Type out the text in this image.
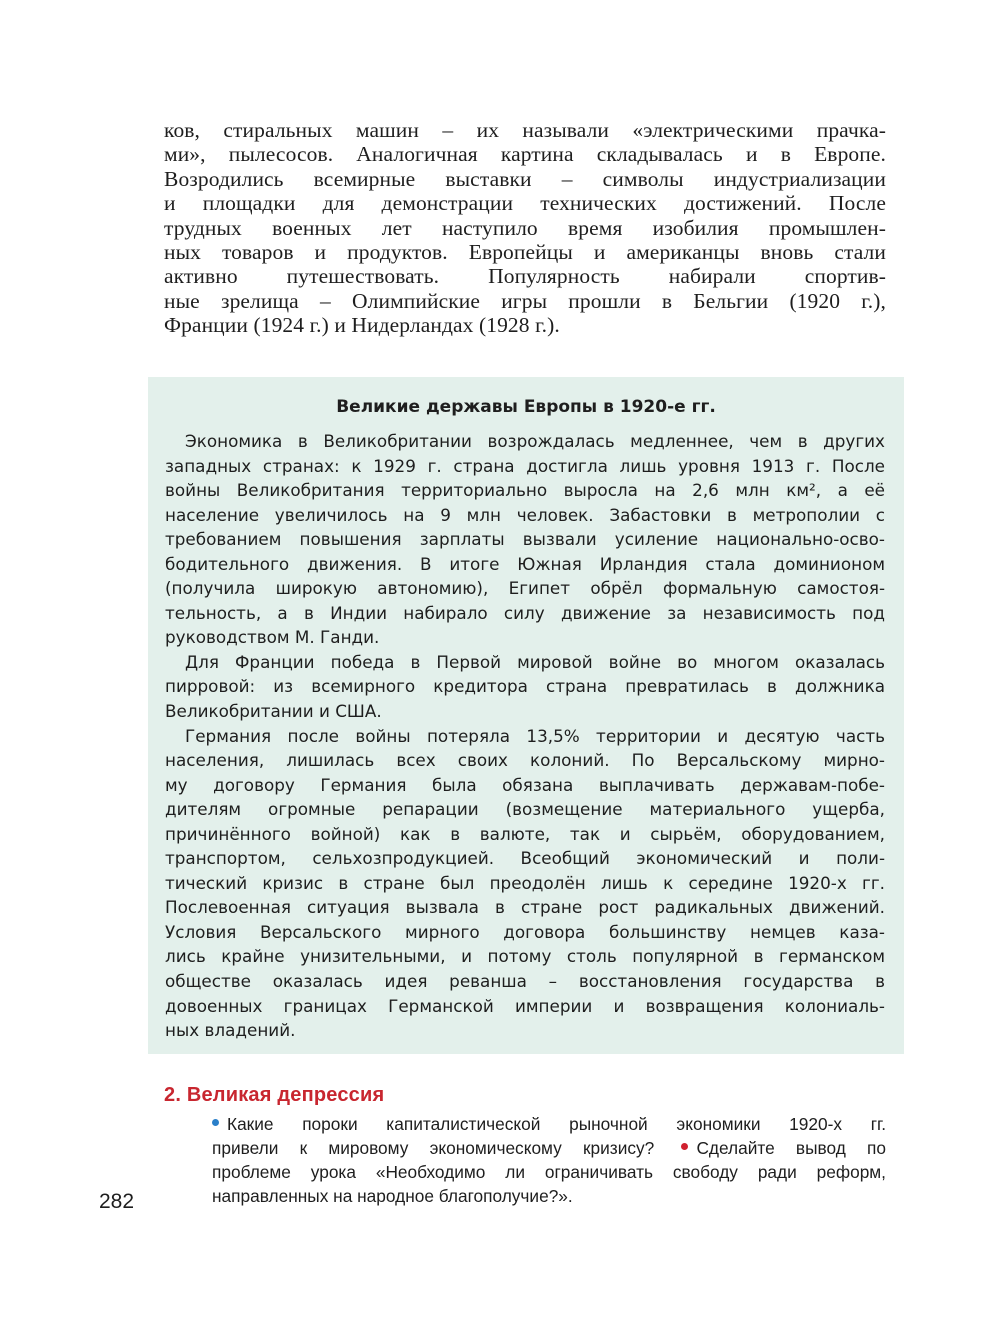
ков, стиральных машин – их называли «электрическими прачка-
ми», пылесосов. Аналогичная картина складывалась и в Европе.
Возродились всемирные выставки – символы индустриализации
и площадки для демонстрации технических достижений. После
трудных военных лет наступило время изобилия промышлен-
ных товаров и продуктов. Европейцы и американцы вновь стали
активно путешествовать. Популярность набирали спортив-
ные зрелища – Олимпийские игры прошли в Бельгии (1920 г.),
Франции (1924 г.) и Нидерландах (1928 г.).
Великие державы Европы в 1920-е гг.
Экономика в Великобритании возрождалась медленнее, чем в других
западных странах: к 1929 г. страна достигла лишь уровня 1913 г. После
войны Великобритания территориально выросла на 2,6 млн км², а её
население увеличилось на 9 млн человек. Забастовки в метрополии с
требованием повышения зарплаты вызвали усиление национально-осво-
бодительного движения. В итоге Южная Ирландия стала доминионом
(получила широкую автономию), Египет обрёл формальную самостоя-
тельность, а в Индии набирало силу движение за независимость под
руководством М. Ганди.
Для Франции победа в Первой мировой войне во многом оказалась
пирровой: из всемирного кредитора страна превратилась в должника
Великобритании и США.
Германия после войны потеряла 13,5% территории и десятую часть
населения, лишилась всех своих колоний. По Версальскому мирно-
му договору Германия была обязана выплачивать державам-побе-
дителям огромные репарации (возмещение материального ущерба,
причинённого войной) как в валюте, так и сырьём, оборудованием,
транспортом, сельхозпродукцией. Всеобщий экономический и поли-
тический кризис в стране был преодолён лишь к середине 1920-х гг.
Послевоенная ситуация вызвала в стране рост радикальных движений.
Условия Версальского мирного договора большинству немцев каза-
лись крайне унизительными, и потому столь популярной в германском
обществе оказалась идея реванша – восстановления государства в
довоенных границах Германской империи и возвращения колониаль-
ных владений.
2. Великая депрессия
Какие пороки капиталистической рыночной экономики 1920-х гг.
привели к мировому экономическому кризису? Сделайте вывод по
проблеме урока «Необходимо ли ограничивать свободу ради реформ,
направленных на народное благополучие?».
282
